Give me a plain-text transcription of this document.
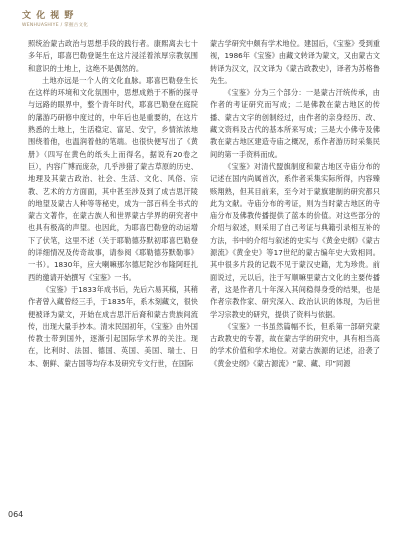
文 化 视 野
WENHUASHIYE / 掌握古文化

照统治蒙古政治与思想手段的践行者。康熙离去七十多年后，耶喜巴勒登诞生在这片浸淫着浓厚宗教氛围和意识的土地上，这绝不是偶然的。

土地亦远是一个人的文化血脉。耶喜巴勒登生长在这样的环境和文化氛围中，思想成熟于不断的探寻与远路的眼界中，整个青年时代，耶喜巴勒登在庭院的藩游巧研修中度过的，中年后也是重要的，在这片熟悉的土地上，生活稳定、富足、安宁，乡情浓浓地围绕着他，也温润着他的笔端。也很快便写出了《黄册》（四写在黄色的纸头上而得名，据说有20卷之巨），内容广博而庞杂，几乎涉猎了蒙古草原的历史、地理及其蒙古政治、社会、生活、文化、风俗、宗教、艺术的方方面面，其中甚至涉及到了成吉思汗陵的地望及蒙古人种等等秘史，成为一部百科全书式的蒙古文著作，在蒙古族人和世界蒙古学界的研究者中也具有极高的声望。也因此，为耶喜巴勒登的动运增下了伏笔，这里不述（关于耶勒德芬默初耶喜巴勒登的详细情况及传奇故事，请参阅《耶勒德芬默勒事》一书）。1830年，应大喇嘛那尔德尼陀沙布隆阿旺扎西的邀请开始撰写《宝鉴》一书。

《宝鉴》于1833年成书后，先后六易其稿，其稍作者曾入藏曾经三手，于1835年，系木刻藏文，很快便被译为蒙文，开始在成吉思汗后裔和蒙古贵族间流传，出现大量手抄本。清末民国初年，《宝鉴》由外国传教士带到国外，逐渐引起国际学术界的关注。现在，比利时、法国、德国、英国、美国、瑞士、日本、朝鲜、蒙古国等均存本及研究专文行世，在国际

蒙古学研究中颇有学术地位。建国后，《宝鉴》受到重视，1986年《宝鉴》由藏文转译为蒙文，又由蒙古文转译为汉文，汉文译为《蒙古政教史》，译者为苏格鲁先生。

《宝鉴》分为三个部分：一是蒙古汗统传承，由作者的考证研究而写成；二是佛教在蒙古地区的传播、蒙古文字的创制经过，由作者的亲身经历、改、藏文资料及古代的基本所来写成；三是大小佛寺及佛教在蒙古地区建造寺庙之概况，系作者游历时采集民间的第一手资料而成。

《宝鉴》对清代盟旗制度和蒙古地区寺庙分布的记述在国内尚属首次，系作者采集实际所得，内容臻赅翔熟，但其目前来，至今对于蒙旗建制的研究都只此为文献。寺庙分布的考证，则为当时蒙古地区的寺庙分布及佛教传播提供了蓝本的价值。对这些部分的介绍与叙述，则采用了自己考证与典籍引录相互补的方法，书中的介绍与叙述的史实与《黄金史纲》《蒙古源流》《黄金史》等17世纪的蒙古编年史大致相同。其中很多片段的记载不见于蒙汉史籍，尤为珍贵。前面说过，元以后，注于写顺嘛里蒙古文化的主要传播者，这是作者几十年深入其间稳得身受的结果，也是作者宗教作家、研究深入、政治认识的体现，为后世学习宗教史的研究，提供了资料与依据。

《宝鉴》一书虽然篇幅不长，但系第一部研究蒙古政教史的专著，故在蒙古学的研究中，具有相当高的学术价值和学术地位。对蒙古族源的记述，沿袭了《黄金史纲》《蒙古源流》“蒙、藏、印”同源

064
